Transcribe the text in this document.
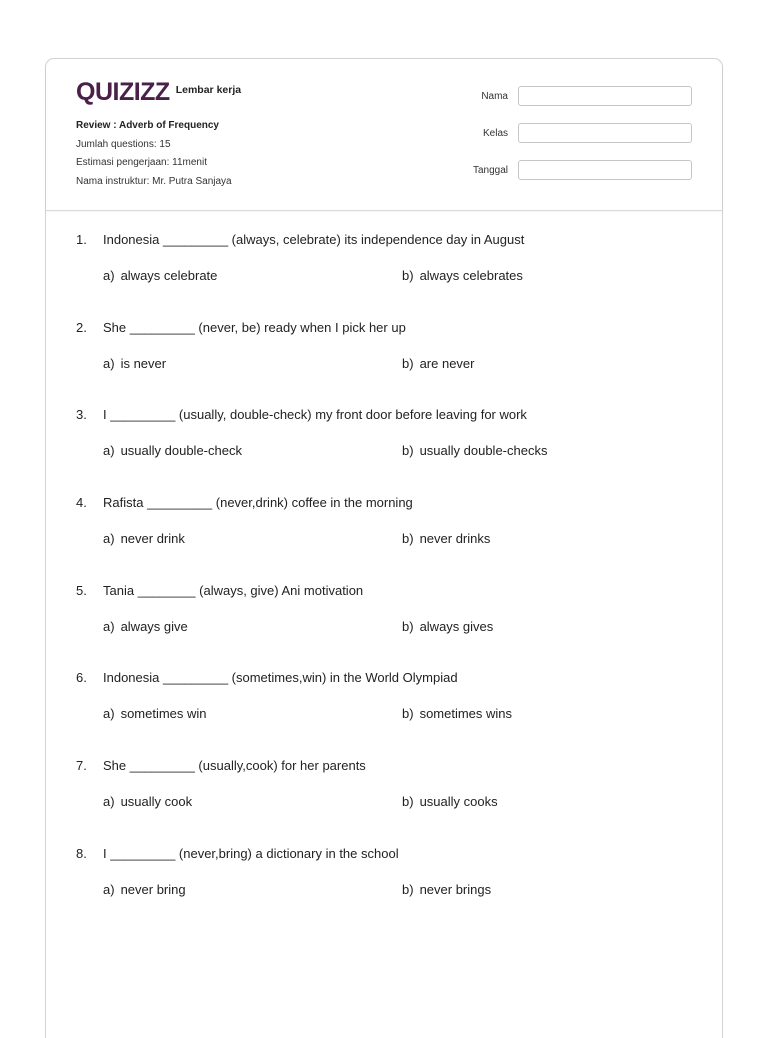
QUIZIZZ Lembar kerja
Review : Adverb of Frequency
Jumlah questions: 15
Estimasi pengerjaan: 11menit
Nama instruktur: Mr. Putra Sanjaya
Nama
Kelas
Tanggal
1.	Indonesia _________ (always, celebrate) its independence day in August
a) always celebrate	b) always celebrates
2.	She _________ (never, be) ready when I pick her up
a) is never	b) are never
3.	I _________ (usually, double-check) my front door before leaving for work
a) usually double-check	b) usually double-checks
4.	Rafista _________ (never,drink) coffee in the morning
a) never drink	b) never drinks
5.	Tania ________ (always, give) Ani motivation
a) always give	b) always gives
6.	Indonesia _________ (sometimes,win) in the World Olympiad
a) sometimes win	b) sometimes wins
7.	She _________ (usually,cook) for her parents
a) usually cook	b) usually cooks
8.	I _________ (never,bring) a dictionary in the school
a) never bring	b) never brings
